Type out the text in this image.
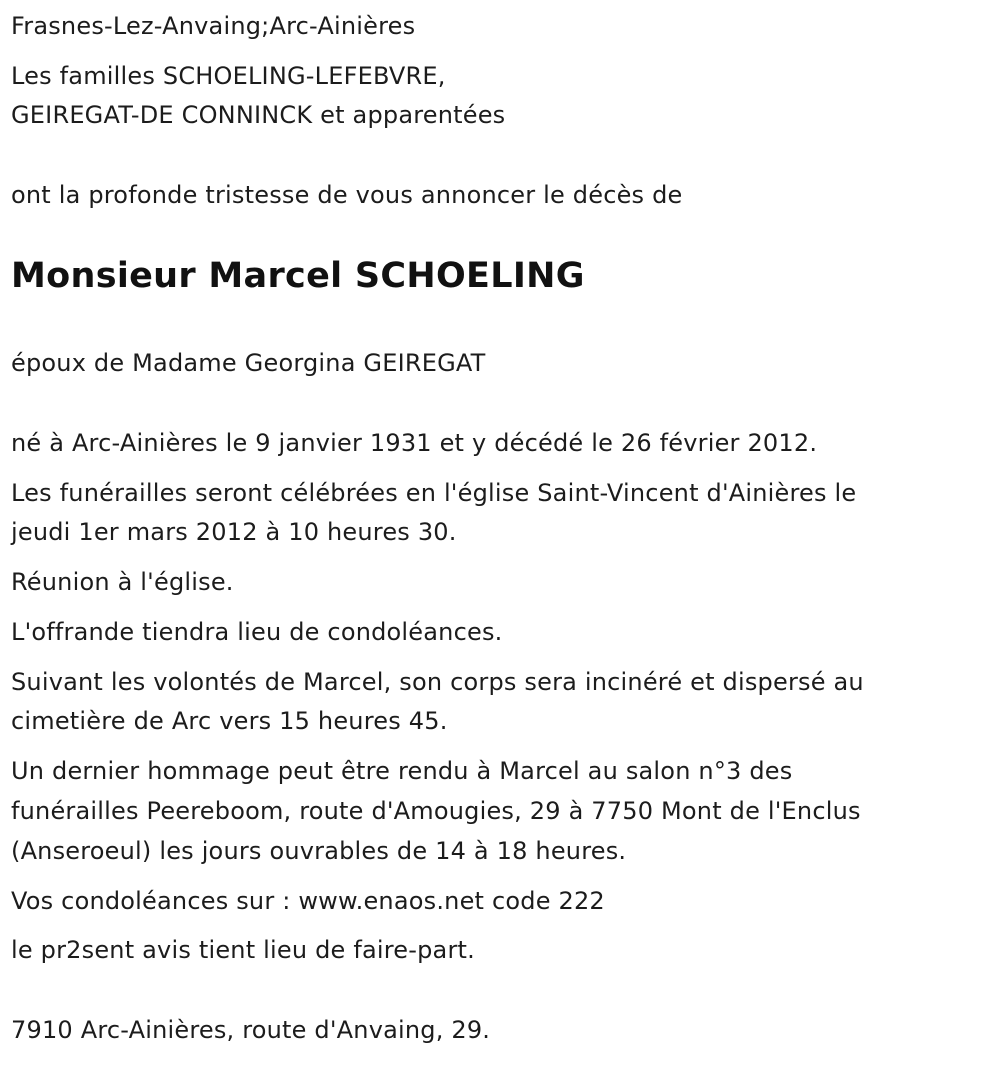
Frasnes-Lez-Anvaing;Arc-Ainières
Les familles SCHOELING-LEFEBVRE,
GEIREGAT-DE CONNINCK et apparentées
ont la profonde tristesse de vous annoncer le décès de
Monsieur Marcel SCHOELING
époux de Madame Georgina GEIREGAT
né à Arc-Ainières le 9 janvier 1931 et y décédé le 26 février 2012.
Les funérailles seront célébrées en l'église Saint-Vincent d'Ainières le
jeudi 1er mars 2012 à 10 heures 30.
Réunion à l'église.
L'offrande tiendra lieu de condoléances.
Suivant les volontés de Marcel, son corps sera incinéré et dispersé au
cimetière de Arc vers 15 heures 45.
Un dernier hommage peut être rendu à Marcel au salon n°3 des
funérailles Peereboom, route d'Amougies, 29 à 7750 Mont de l'Enclus
(Anseroeul) les jours ouvrables de 14 à 18 heures.
Vos condoléances sur : www.enaos.net code 222
le pr2sent avis tient lieu de faire-part.
7910 Arc-Ainières, route d'Anvaing, 29.
